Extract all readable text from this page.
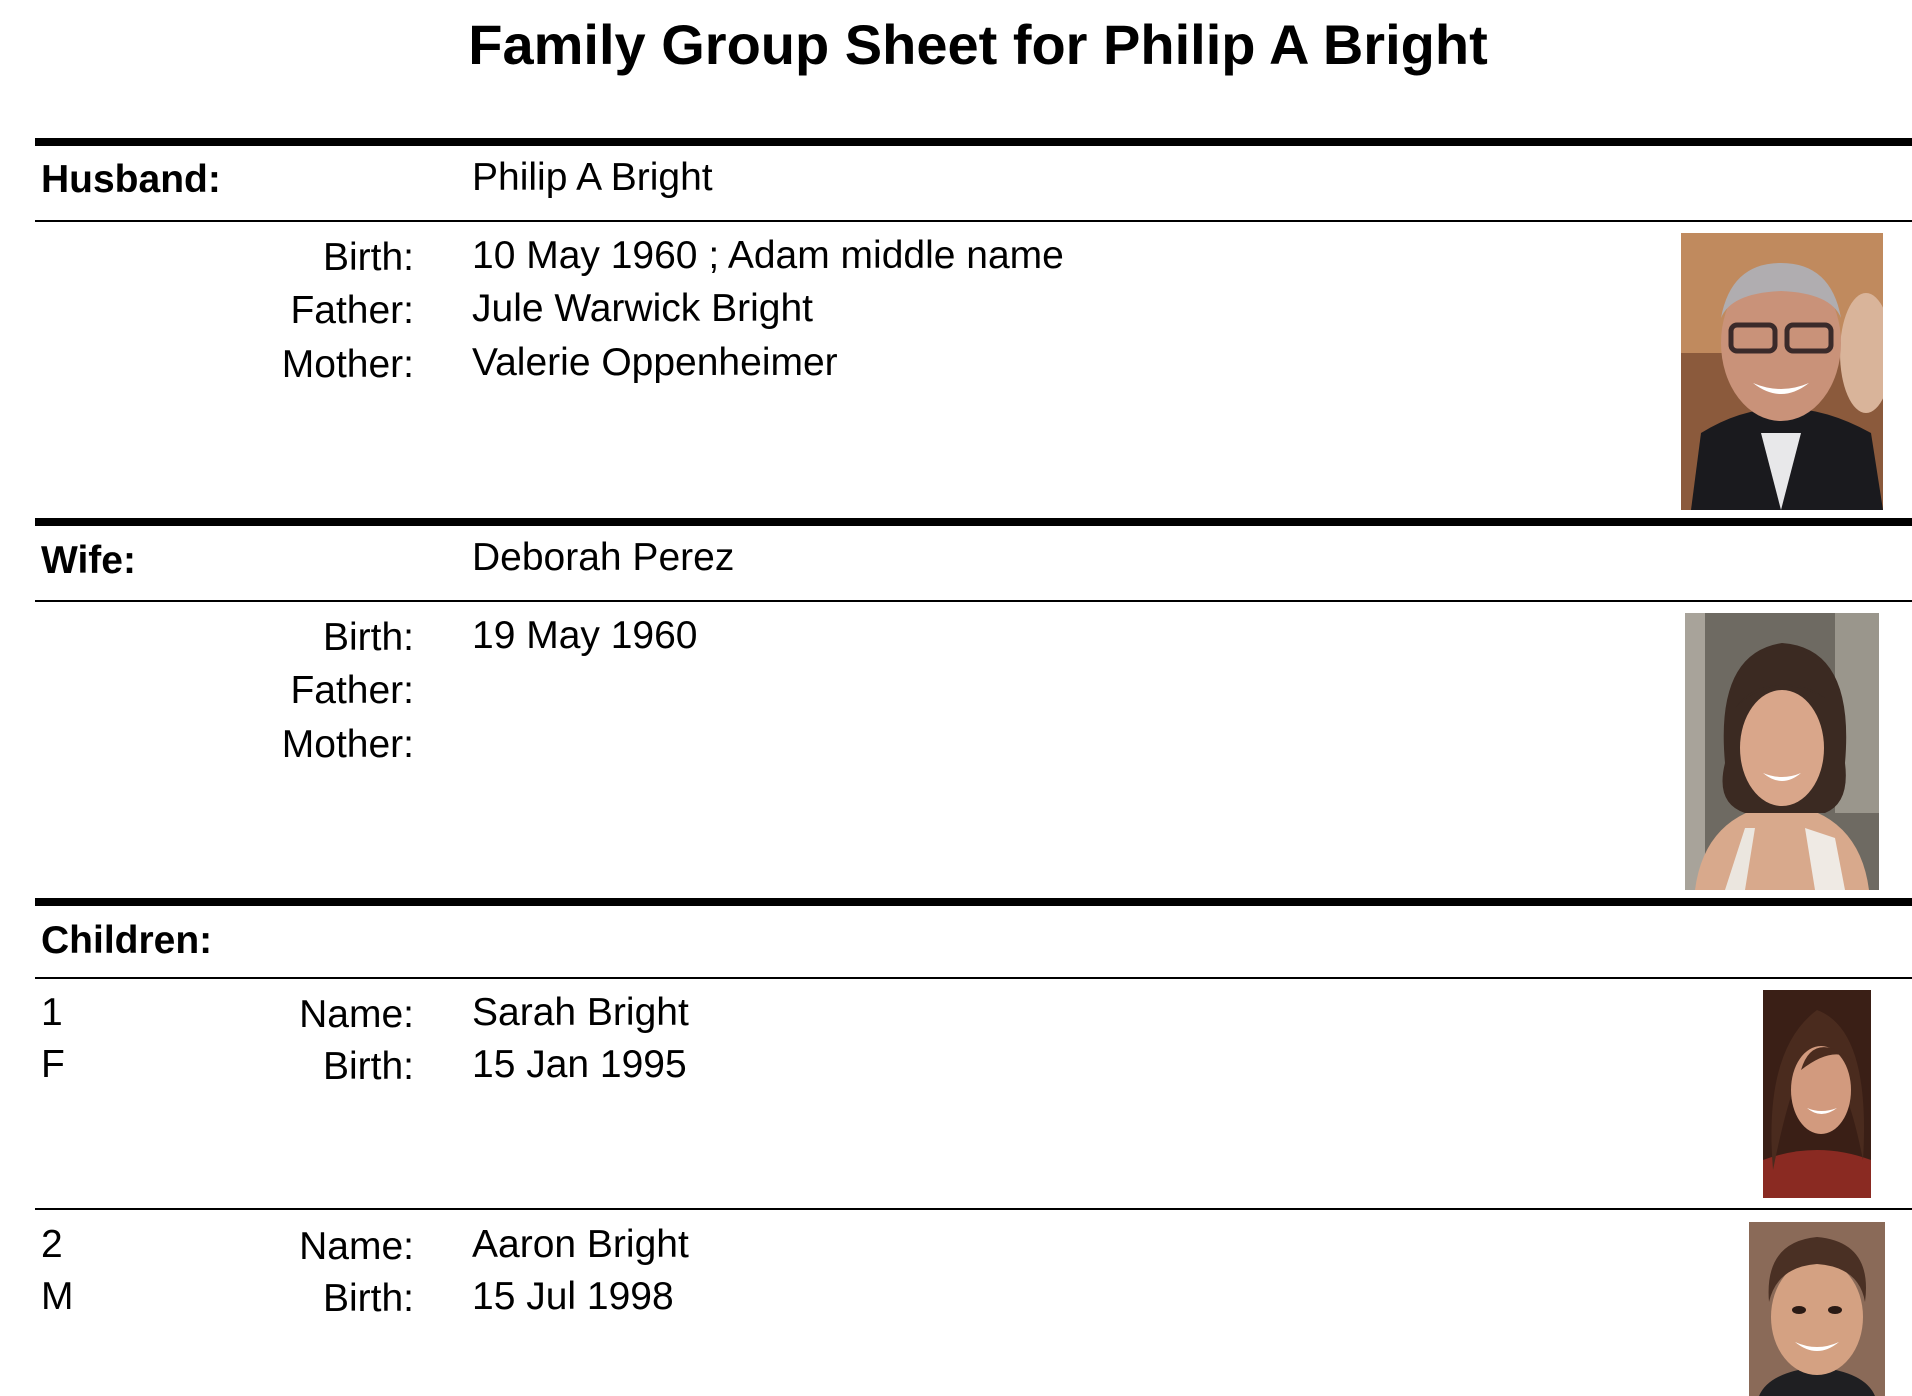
Family Group Sheet for Philip A Bright
Husband:	Philip A Bright
Birth: 10 May 1960 ; Adam middle name
Father: Jule Warwick Bright
Mother: Valerie Oppenheimer
Wife:	Deborah Perez
Birth: 19 May 1960
Father:
Mother:
Children:
1
F
Name: Sarah Bright
Birth: 15 Jan 1995
2
M
Name: Aaron Bright
Birth: 15 Jul 1998
